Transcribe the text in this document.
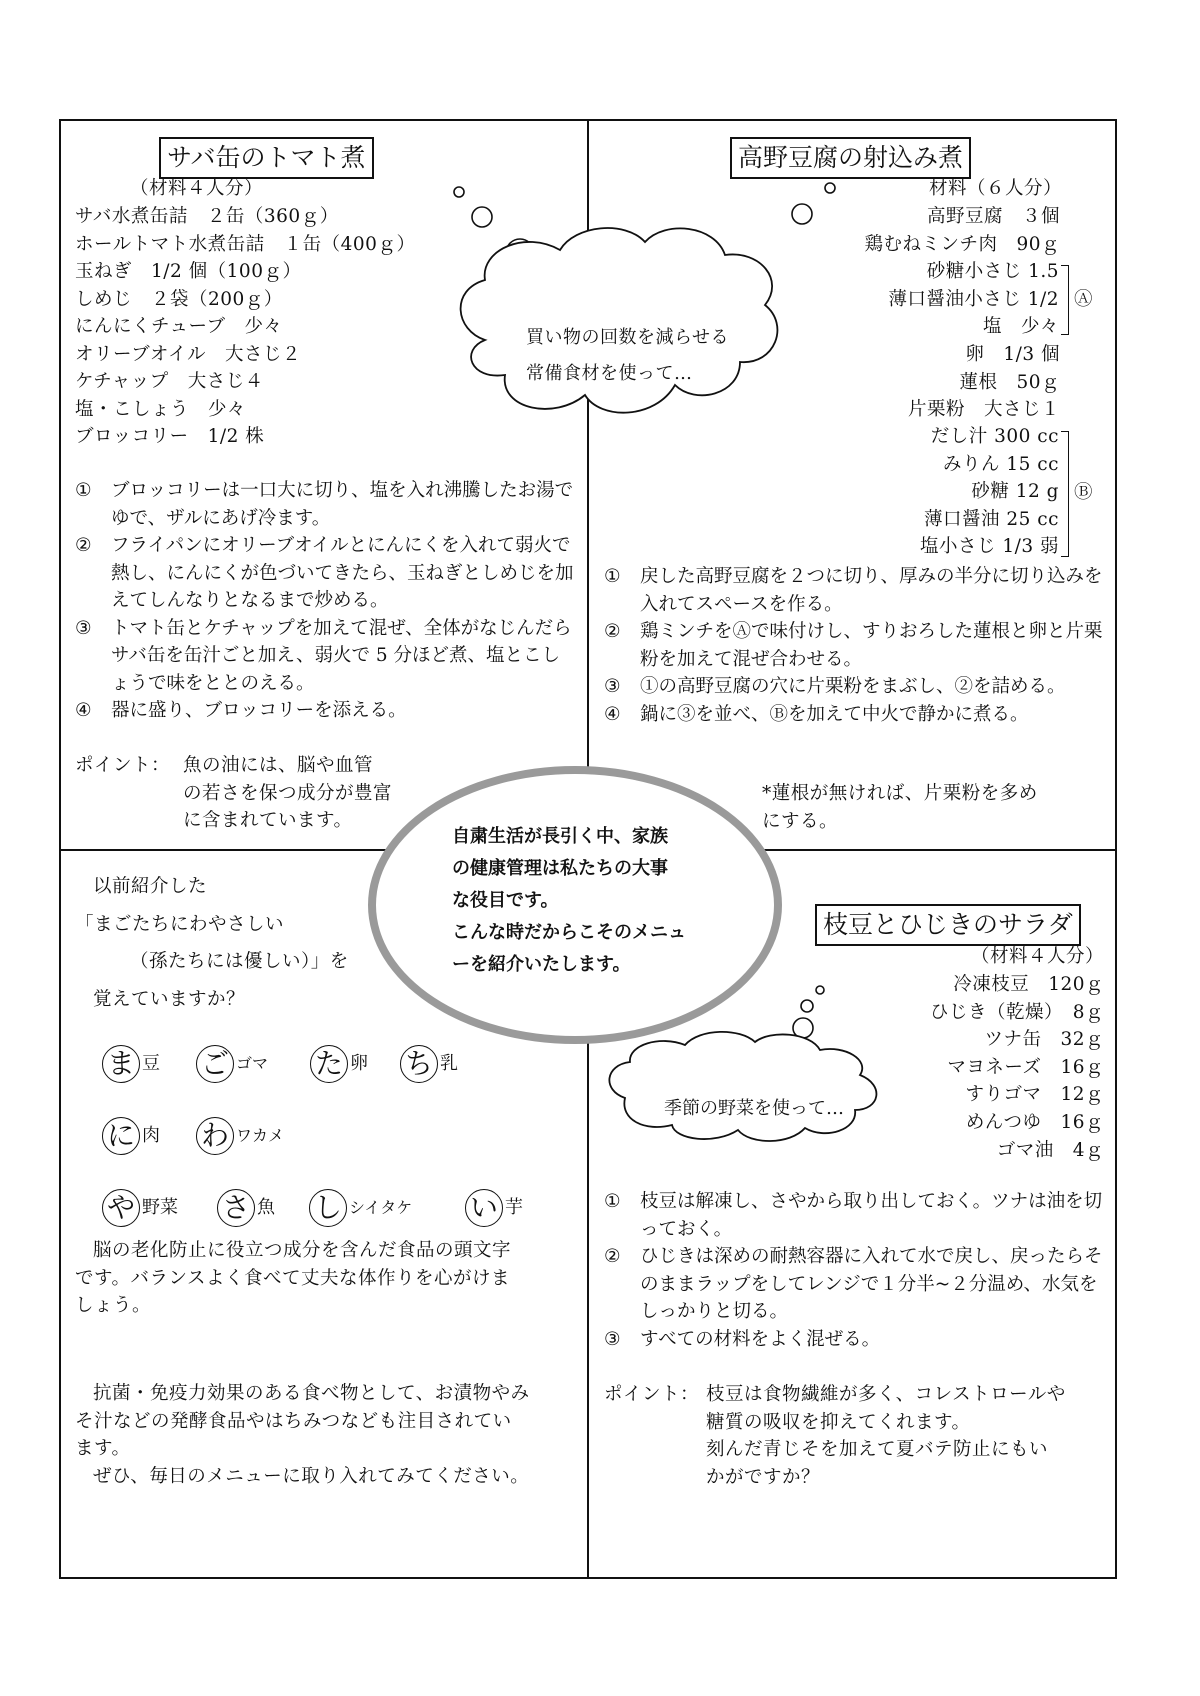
サバ缶のトマト煮
（材料４人分）
サバ水煮缶詰　２缶（360ｇ）
ホールトマト水煮缶詰　１缶（400ｇ）
玉ねぎ　1/2 個（100ｇ）
しめじ　２袋（200ｇ）
にんにくチューブ　少々
オリーブオイル　大さじ２
ケチャップ　大さじ４
塩・こしょう　少々
ブロッコリー　1/2 株
① ブロッコリーは一口大に切り、塩を入れ沸騰したお湯でゆで、ザルにあげ冷ます。
② フライパンにオリーブオイルとにんにくを入れて弱火で熱し、にんにくが色づいてきたら、玉ねぎとしめじを加えてしんなりとなるまで炒める。
③ トマト缶とケチャップを加えて混ぜ、全体がなじんだらサバ缶を缶汁ごと加え、弱火で 5 分ほど煮、塩とこしょうで味をととのえる。
④ 器に盛り、ブロッコリーを添える。
ポイント： 魚の油には、脳や血管
の若さを保つ成分が豊富
に含まれています。
買い物の回数を減らせる
常備食材を使って…
高野豆腐の射込み煮
材料（６人分）
高野豆腐　３個
鶏むねミンチ肉　90ｇ
砂糖小さじ 1.5
薄口醤油小さじ 1/2
塩　少々
Ⓐ
卵　1/3 個
蓮根　50ｇ
片栗粉　大さじ１
だし汁 300 cc
みりん 15 cc
砂糖 12 g
薄口醤油 25 cc
塩小さじ 1/3 弱
Ⓑ
① 戻した高野豆腐を２つに切り、厚みの半分に切り込みを入れてスペースを作る。
② 鶏ミンチをⒶで味付けし、すりおろした蓮根と卵と片栗粉を加えて混ぜ合わせる。
③ ①の高野豆腐の穴に片栗粉をまぶし、②を詰める。
④ 鍋に③を並べ、Ⓑを加えて中火で静かに煮る。
*蓮根が無ければ、片栗粉を多め
にする。
自粛生活が長引く中、家族
の健康管理は私たちの大事
な役目です。
こんな時だからこそのメニュ
ーを紹介いたします。
以前紹介した
「まごたちにわやさしい
（孫たちには優しい）」を
覚えていますか？
ま 豆 ご ゴマ た 卵 ち 乳
に 肉 わ ワカメ
や 野菜 さ 魚 し シイタケ い 芋
脳の老化防止に役立つ成分を含んだ食品の頭文字
です。バランスよく食べて丈夫な体作りを心がけま
しょう。
抗菌・免疫力効果のある食べ物として、お漬物やみ
そ汁などの発酵食品やはちみつなども注目されてい
ます。
ぜひ、毎日のメニューに取り入れてみてください。
枝豆とひじきのサラダ
（材料４人分）
冷凍枝豆　120ｇ
ひじき（乾燥）　8ｇ
ツナ缶　32ｇ
マヨネーズ　16ｇ
すりゴマ　12ｇ
めんつゆ　16ｇ
ゴマ油　4ｇ
季節の野菜を使って…
① 枝豆は解凍し、さやから取り出しておく。ツナは油を切っておく。
② ひじきは深めの耐熱容器に入れて水で戻し、戻ったらそのままラップをしてレンジで１分半~２分温め、水気をしっかりと切る。
③ すべての材料をよく混ぜる。
ポイント： 枝豆は食物繊維が多く、コレストロールや
糖質の吸収を抑えてくれます。
刻んだ青じそを加えて夏バテ防止にもい
かがですか？
